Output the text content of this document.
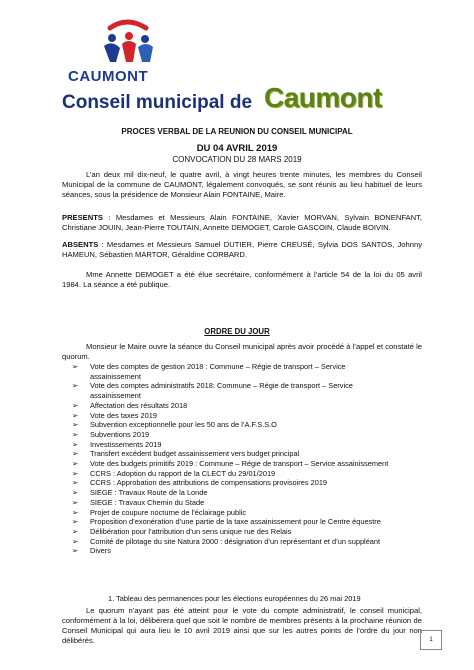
CAUMONT
Conseil municipal de Caumont
PROCES VERBAL DE LA REUNION DU CONSEIL MUNICIPAL
DU 04 AVRIL 2019
CONVOCATION DU 28 MARS 2019
L’an deux mil dix-neuf, le quatre avril, à vingt heures trente minutes, les membres du Conseil Municipal de la commune de CAUMONT, légalement convoqués, se sont réunis au lieu habituel de leurs séances, sous la présidence de Monsieur Alain FONTAINE, Maire.
PRESENTS : Mesdames et Messieurs Alain FONTAINE, Xavier MORVAN, Sylvain BONENFANT, Christiane JOUIN, Jean-Pierre TOUTAIN, Annette DEMOGET, Carole GASCOIN, Claude BOIVIN.
ABSENTS : Mesdames et Messieurs Samuel DUTIER, Pierre CREUSÉ, Sylvia DOS SANTOS, Johnny HAMEUN, Sébastien MARTOR, Géraldine CORBARD.
Mme Annette DEMOGET a été élue secrétaire, conformément à l’article 54 de la loi du 05 avril 1984. La séance a été publique.
ORDRE DU JOUR
Monsieur le Maire ouvre la séance du Conseil municipal après avoir procédé à l’appel et constaté le quorum.
➢ Vote des comptes de gestion 2018 : Commune – Régie de transport – Service
assainissement
➢ Vote des comptes administratifs 2018: Commune – Régie de transport – Service
assainissement
➢ Affectation des résultats 2018
➢ Vote des taxes 2019
➢ Subvention exceptionnelle pour les 50 ans de l’A.F.S.S.O
➢ Subventions 2019
➢ Investissements 2019
➢ Transfert excédent budget assainissement vers budget principal
➢ Vote des budgets primitifs 2019 : Commune – Régie de transport – Service assainissement
➢ CCRS : Adoption du rapport de la CLECT du 29/01/2019
➢ CCRS : Approbation des attributions de compensations provisoires 2019
➢ SIEGE : Travaux Route de la Londe
➢ SIEGE : Travaux Chemin du Stade
➢ Projet de coupure nocturne de l’éclairage public
➢ Proposition d’exonération d’une partie de la taxe assainissement pour le Centre équestre
➢ Délibération pour l’attribution d’un sens unique rue des Relais
➢ Comité de pilotage du site Natura 2000 : désignation d’un représentant et d’un suppléant
➢ Divers
1. Tableau des permanences pour les élections européennes du 26 mai 2019
Le quorum n’ayant pas été atteint pour le vote du compte administratif, le conseil municipal, conformément à la loi, délibérera quel que soit le nombre de membres présents à la prochaine réunion de Conseil Municipal qui aura lieu le 10 avril 2019 ainsi que sur les autres points de l’ordre du jour non délibérés.	1
